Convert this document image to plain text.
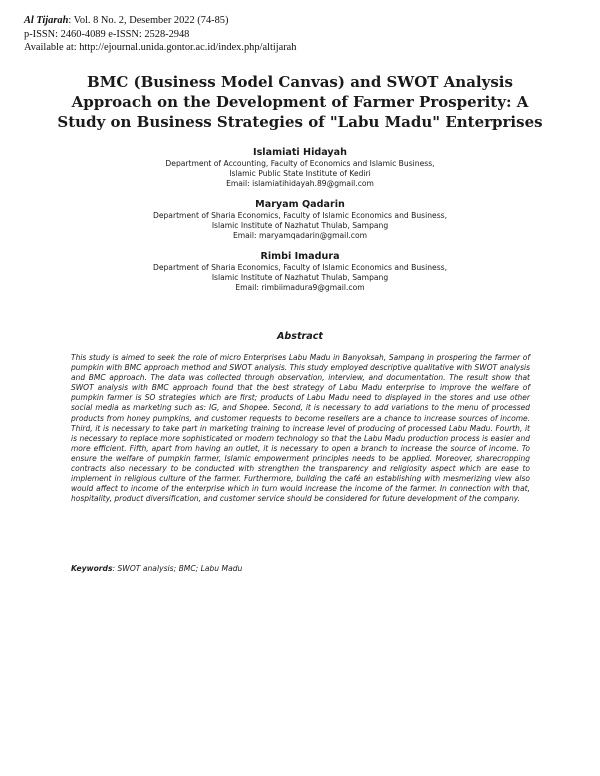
Al Tijarah: Vol. 8 No. 2, Desember 2022 (74-85)
p-ISSN: 2460-4089 e-ISSN: 2528-2948
Available at: http://ejournal.unida.gontor.ac.id/index.php/altijarah
BMC (Business Model Canvas) and SWOT Analysis
Approach on the Development of Farmer Prosperity: A
Study on Business Strategies of "Labu Madu" Enterprises
Islamiati Hidayah
Department of Accounting, Faculty of Economics and Islamic Business,
Islamic Public State Institute of Kediri
Email: islamiatihidayah.89@gmail.com
Maryam Qadarin
Department of Sharia Economics, Faculty of Islamic Economics and Business,
Islamic Institute of Nazhatut Thulab, Sampang
Email: maryamqadarin@gmail.com
Rimbi Imadura
Department of Sharia Economics, Faculty of Islamic Economics and Business,
Islamic Institute of Nazhatut Thulab, Sampang
Email: rimbiimadura9@gmail.com
Abstract

This study is aimed to seek the role of micro Enterprises Labu Madu in Banyoksah, Sampang in prospering the farmer of pumpkin with BMC approach method and SWOT analysis. This study employed descriptive qualitative with SWOT analysis and BMC approach. The data was collected through observation, interview, and documentation. The result show that SWOT analysis with BMC approach found that the best strategy of Labu Madu enterprise to improve the welfare of pumpkin farmer is SO strategies which are first; products of Labu Madu need to displayed in the stores and use other social media as marketing such as: IG, and Shopee. Second, it is necessary to add variations to the menu of processed products from honey pumpkins, and customer requests to become resellers are a chance to increase sources of income. Third, it is necessary to take part in marketing training to increase level of producing of processed Labu Madu. Fourth, it is necessary to replace more sophisticated or modern technology so that the Labu Madu production process is easier and more efficient. Fifth, apart from having an outlet, it is necessary to open a branch to increase the source of income. To ensure the welfare of pumpkin farmer, Islamic empowerment principles needs to be applied. Moreover, sharecropping contracts also necessary to be conducted with strengthen the transparency and religiosity aspect which are ease to implement in religious culture of the farmer. Furthermore, building the café an establishing with mesmerizing view also would affect to income of the enterprise which in turn would increase the income of the farmer. In connection with that, hospitality, product diversification, and customer service should be considered for future development of the company.

Keywords: SWOT analysis; BMC; Labu Madu
